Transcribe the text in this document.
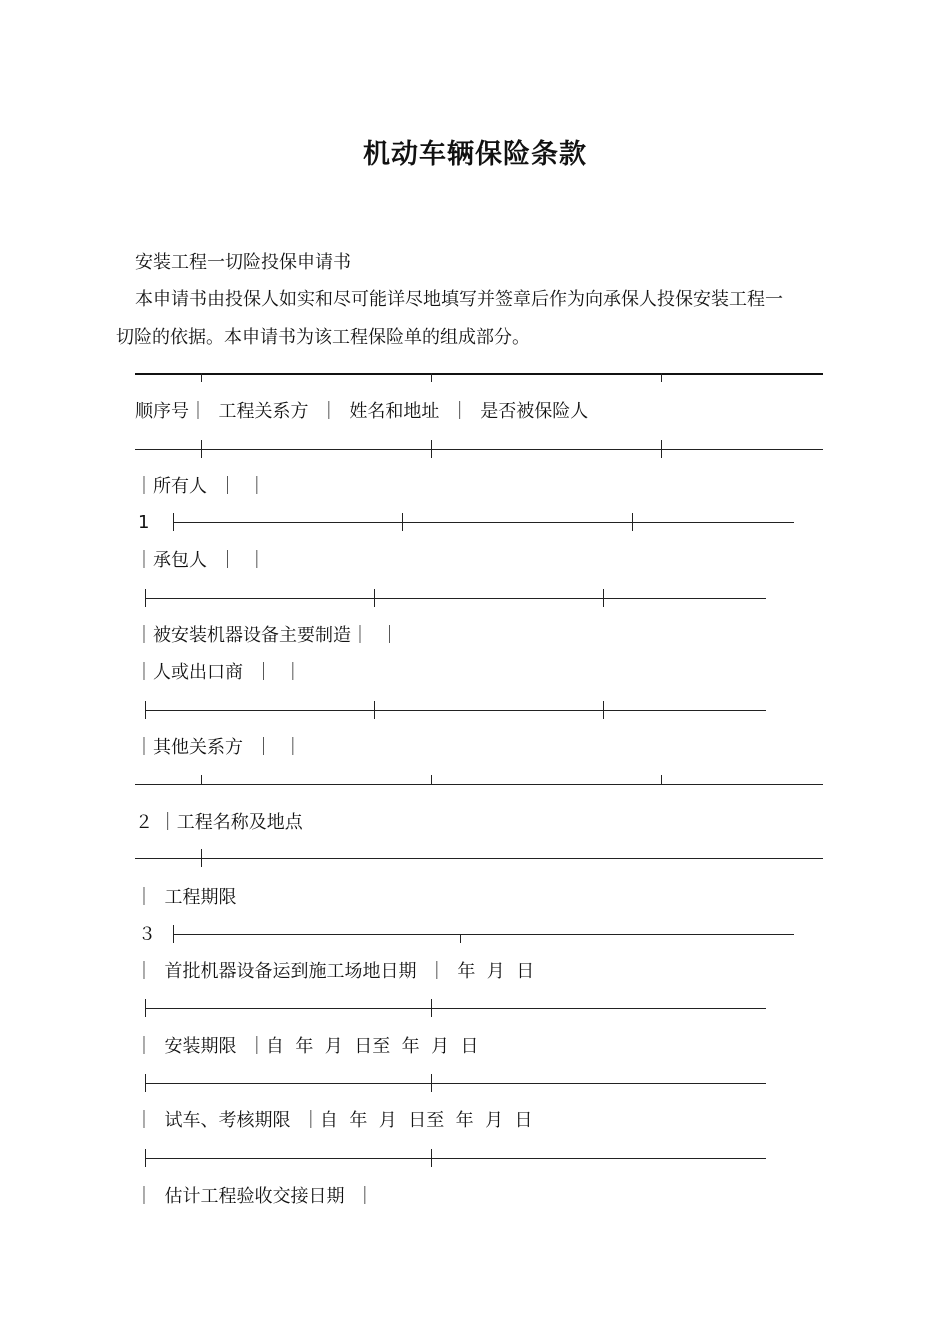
机动车辆保险条款

安装工程一切险投保申请书

本申请书由投保人如实和尽可能详尽地填写并签章后作为向承保人投保安装工程一

切险的依据。本申请书为该工程保险单的组成部分。

顺序号｜  工程关系方  ｜  姓名和地址  ｜  是否被保险人

｜所有人  ｜  ｜

1

｜承包人  ｜  ｜

｜被安装机器设备主要制造｜  ｜

｜人或出口商  ｜  ｜

｜其他关系方  ｜  ｜

２ ｜工程名称及地点

｜  工程期限

３

｜  首批机器设备运到施工场地日期  ｜  年  月  日

｜  安装期限  ｜自  年  月  日至  年  月  日

｜  试车、考核期限  ｜自  年  月  日至  年  月  日

｜  估计工程验收交接日期  ｜
